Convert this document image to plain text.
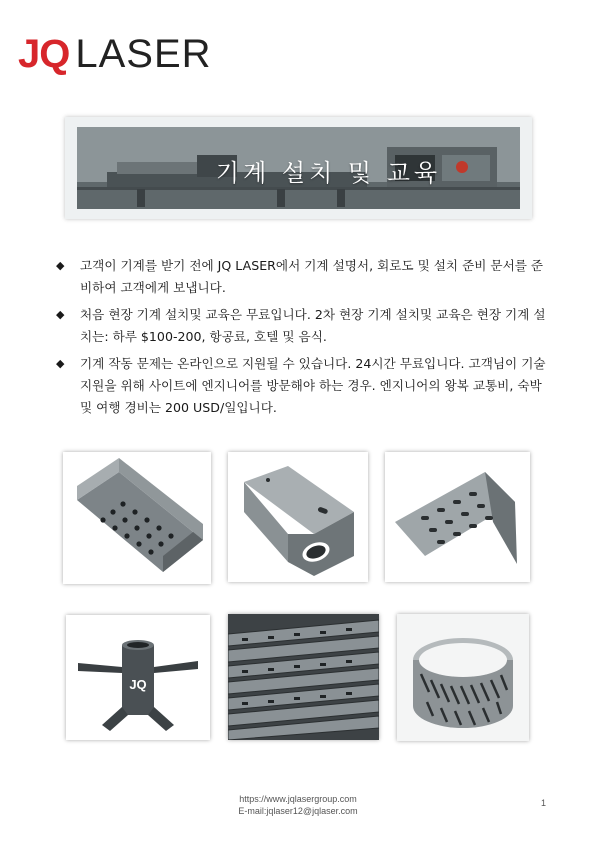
JQ LASER
기계 설치 및 교육
◆	고객이 기계를 받기 전에 JQ LASER에서 기계 설명서, 회로도 및 설치 준비 문서를 준비하여 고객에게 보냅니다.
◆	처음 현장 기계 설치및 교육은 무료입니다. 2차 현장 기계 설치및 교육은 현장 기계 설치는: 하루 $100-200, 항공료, 호텔 및 음식.
◆	기계 작동 문제는 온라인으로 지원될 수 있습니다. 24시간 무료입니다. 고객님이 기술 지원을 위해 사이트에 엔지니어를 방문해야 하는 경우. 엔지니어의 왕복 교통비, 숙박 및 여행 경비는 200 USD/일입니다.
JQ
https://www.jqlasergroup.com
E-mail:jqlaser12@jqlaser.com
1
